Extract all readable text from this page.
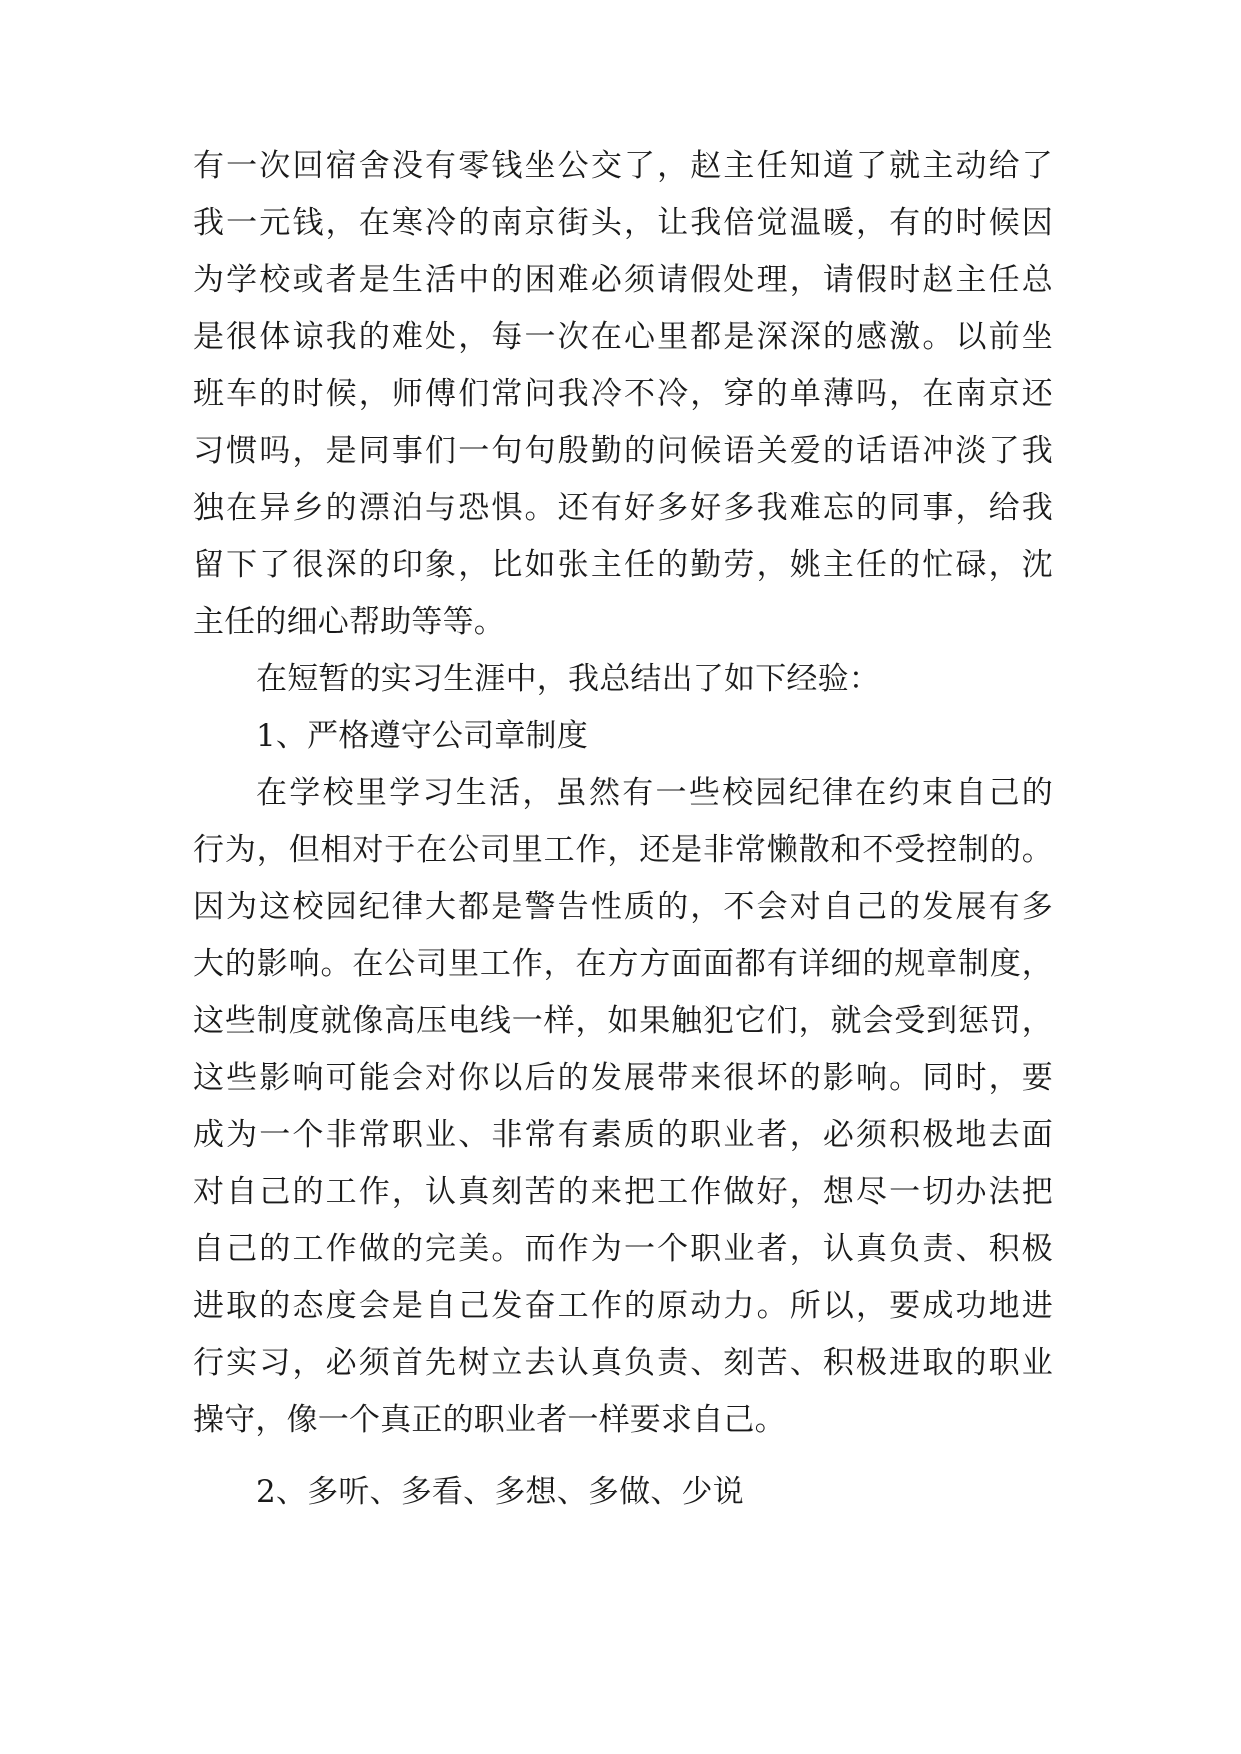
有一次回宿舍没有零钱坐公交了，赵主任知道了就主动给了
我一元钱，在寒冷的南京街头，让我倍觉温暖，有的时候因
为学校或者是生活中的困难必须请假处理，请假时赵主任总
是很体谅我的难处，每一次在心里都是深深的感激。以前坐
班车的时候，师傅们常问我冷不冷，穿的单薄吗，在南京还
习惯吗，是同事们一句句殷勤的问候语关爱的话语冲淡了我
独在异乡的漂泊与恐惧。还有好多好多我难忘的同事，给我
留下了很深的印象，比如张主任的勤劳，姚主任的忙碌，沈
主任的细心帮助等等。
在短暂的实习生涯中，我总结出了如下经验：
1、严格遵守公司章制度
在学校里学习生活，虽然有一些校园纪律在约束自己的
行为，但相对于在公司里工作，还是非常懒散和不受控制的。
因为这校园纪律大都是警告性质的，不会对自己的发展有多
大的影响。在公司里工作，在方方面面都有详细的规章制度，
这些制度就像高压电线一样，如果触犯它们，就会受到惩罚，
这些影响可能会对你以后的发展带来很坏的影响。同时，要
成为一个非常职业、非常有素质的职业者，必须积极地去面
对自己的工作，认真刻苦的来把工作做好，想尽一切办法把
自己的工作做的完美。而作为一个职业者，认真负责、积极
进取的态度会是自己发奋工作的原动力。所以，要成功地进
行实习，必须首先树立去认真负责、刻苦、积极进取的职业
操守，像一个真正的职业者一样要求自己。
2、多听、多看、多想、多做、少说
